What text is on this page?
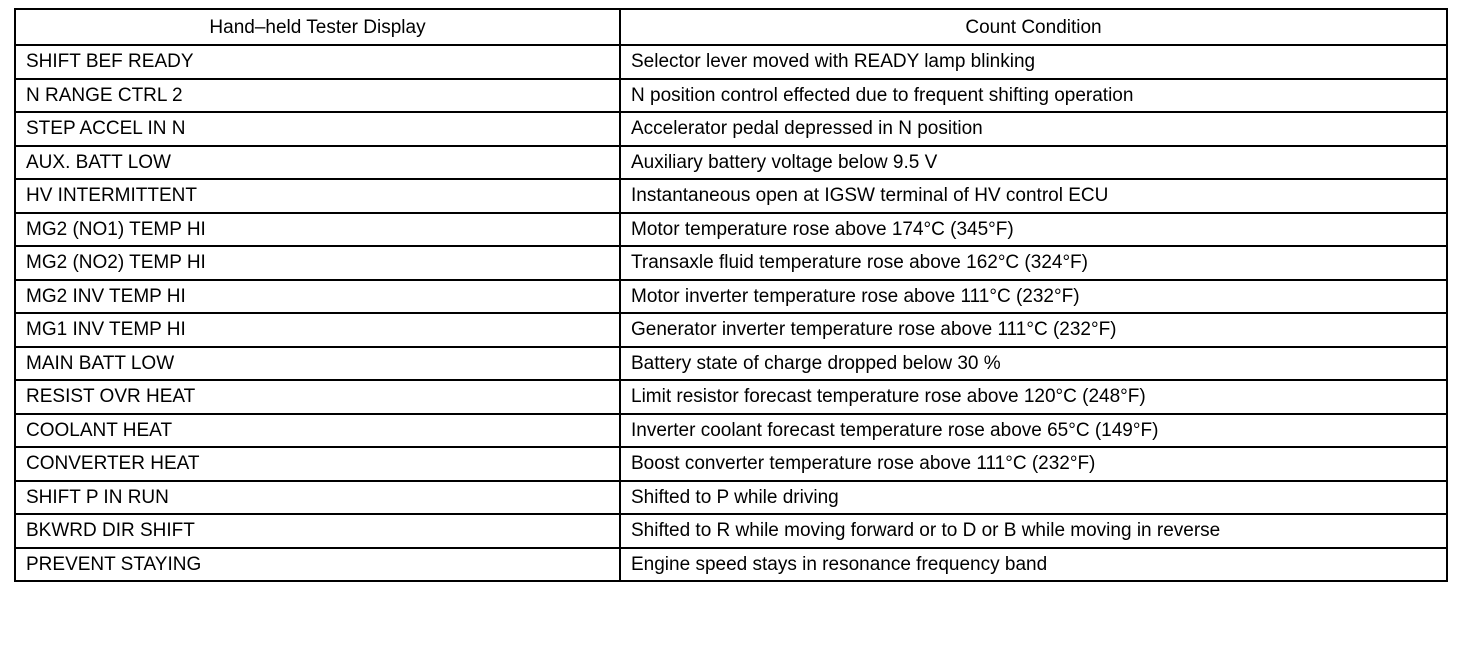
Hand–held Tester Display	Count Condition
SHIFT BEF READY	Selector lever moved with READY lamp blinking
N RANGE CTRL 2	N position control effected due to frequent shifting operation
STEP ACCEL IN N	Accelerator pedal depressed in N position
AUX. BATT LOW	Auxiliary battery voltage below 9.5 V
HV INTERMITTENT	Instantaneous open at IGSW terminal of HV control ECU
MG2 (NO1) TEMP HI	Motor temperature rose above 174°C (345°F)
MG2 (NO2) TEMP HI	Transaxle fluid temperature rose above 162°C (324°F)
MG2 INV TEMP HI	Motor inverter temperature rose above 111°C (232°F)
MG1 INV TEMP HI	Generator inverter temperature rose above 111°C (232°F)
MAIN BATT LOW	Battery state of charge dropped below 30 %
RESIST OVR HEAT	Limit resistor forecast temperature rose above 120°C (248°F)
COOLANT HEAT	Inverter coolant forecast temperature rose above 65°C (149°F)
CONVERTER HEAT	Boost converter temperature rose above 111°C (232°F)
SHIFT P IN RUN	Shifted to P while driving
BKWRD DIR SHIFT	Shifted to R while moving forward or to D or B while moving in reverse
PREVENT STAYING	Engine speed stays in resonance frequency band
